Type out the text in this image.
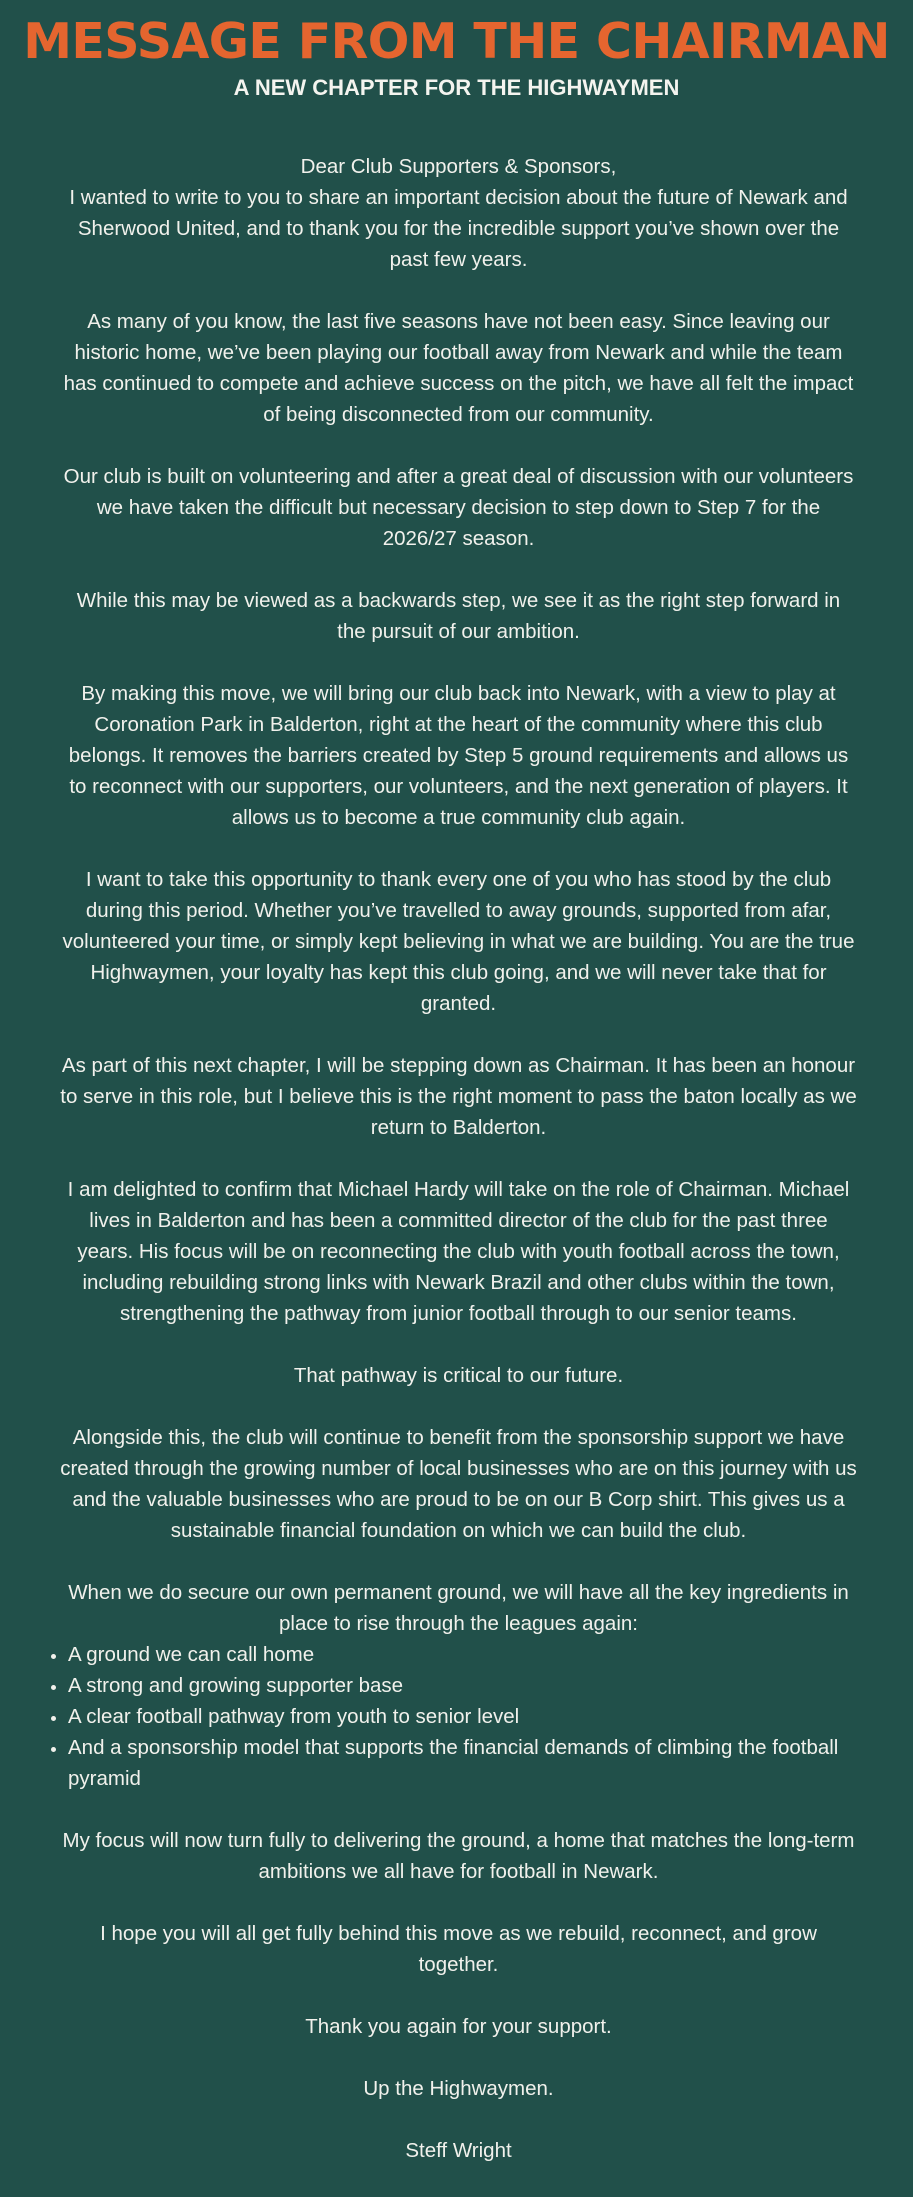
MESSAGE FROM THE CHAIRMAN
A NEW CHAPTER FOR THE HIGHWAYMEN

Dear Club Supporters & Sponsors,

I wanted to write to you to share an important decision about the future of Newark and Sherwood United, and to thank you for the incredible support you’ve shown over the past few years.

As many of you know, the last five seasons have not been easy. Since leaving our historic home, we’ve been playing our football away from Newark and while the team has continued to compete and achieve success on the pitch, we have all felt the impact of being disconnected from our community.

Our club is built on volunteering and after a great deal of discussion with our volunteers we have taken the difficult but necessary decision to step down to Step 7 for the 2026/27 season.

While this may be viewed as a backwards step, we see it as the right step forward in the pursuit of our ambition.

By making this move, we will bring our club back into Newark, with a view to play at Coronation Park in Balderton, right at the heart of the community where this club belongs. It removes the barriers created by Step 5 ground requirements and allows us to reconnect with our supporters, our volunteers, and the next generation of players. It allows us to become a true community club again.

I want to take this opportunity to thank every one of you who has stood by the club during this period. Whether you’ve travelled to away grounds, supported from afar, volunteered your time, or simply kept believing in what we are building. You are the true Highwaymen, your loyalty has kept this club going, and we will never take that for granted.

As part of this next chapter, I will be stepping down as Chairman. It has been an honour to serve in this role, but I believe this is the right moment to pass the baton locally as we return to Balderton.

I am delighted to confirm that Michael Hardy will take on the role of Chairman. Michael lives in Balderton and has been a committed director of the club for the past three years. His focus will be on reconnecting the club with youth football across the town, including rebuilding strong links with Newark Brazil and other clubs within the town, strengthening the pathway from junior football through to our senior teams.

That pathway is critical to our future.

Alongside this, the club will continue to benefit from the sponsorship support we have created through the growing number of local businesses who are on this journey with us and the valuable businesses who are proud to be on our B Corp shirt. This gives us a sustainable financial foundation on which we can build the club.

When we do secure our own permanent ground, we will have all the key ingredients in place to rise through the leagues again:

• A ground we can call home
• A strong and growing supporter base
• A clear football pathway from youth to senior level
• And a sponsorship model that supports the financial demands of climbing the football pyramid

My focus will now turn fully to delivering the ground, a home that matches the long-term ambitions we all have for football in Newark.

I hope you will all get fully behind this move as we rebuild, reconnect, and grow together.

Thank you again for your support.

Up the Highwaymen.

Steff Wright
